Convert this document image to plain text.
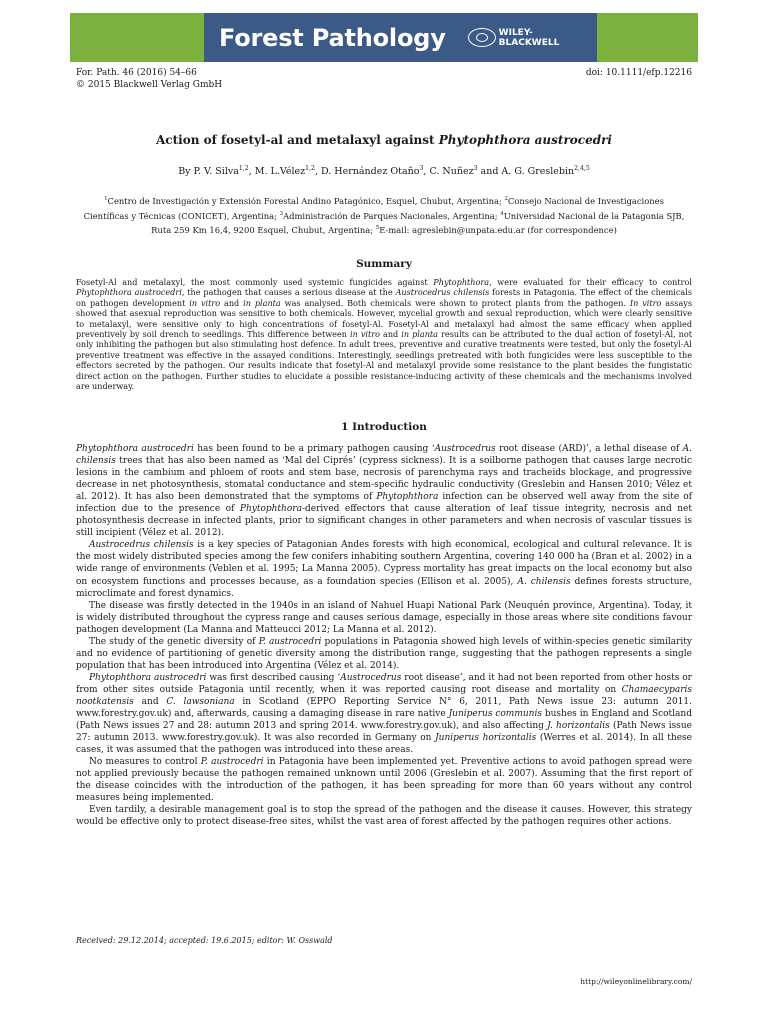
Forest Pathology	WILEY-
BLACKWELL
For. Path. 46 (2016) 54–66
© 2015 Blackwell Verlag GmbH
doi: 10.1111/efp.12216
Action of fosetyl-al and metalaxyl against Phytophthora austrocedri
By P. V. Silva$^{1,2}$, M. L.Vélez$^{1,2}$, D. Hernández Otaño$^3$, C. Nuñez$^3$ and A. G. Greslebin$^{2,4,5}$
$^1$Centro de Investigación y Extensión Forestal Andino Patagónico, Esquel, Chubut, Argentina; $^2$Consejo Nacional de Investigaciones
Científicas y Técnicas (CONICET), Argentina; $^3$Administración de Parques Nacionales, Argentina; $^4$Universidad Nacional de la Patagonia SJB,
Ruta 259 Km 16,4, 9200 Esquel, Chubut, Argentina; $^5$E-mail: agreslebin@unpata.edu.ar (for correspondence)
Summary
Fosetyl-Al and metalaxyl, the most commonly used systemic fungicides against Phytophthora, were evaluated for their efficacy to control Phytophthora austrocedri, the pathogen that causes a serious disease at the Austrocedrus chilensis forests in Patagonia. The effect of the chemicals on pathogen development in vitro and in planta was analysed. Both chemicals were shown to protect plants from the pathogen. In vitro assays showed that asexual reproduction was sensitive to both chemicals. However, mycelial growth and sexual reproduction, which were clearly sensitive to metalaxyl, were sensitive only to high concentrations of fosetyl-Al. Fosetyl-Al and metalaxyl had almost the same efficacy when applied preventively by soil drench to seedlings. This difference between in vitro and in planta results can be attributed to the dual action of fosetyl-Al, not only inhibiting the pathogen but also stimulating host defence. In adult trees, preventive and curative treatments were tested, but only the fosetyl-Al preventive treatment was effective in the assayed conditions. Interestingly, seedlings pretreated with both fungicides were less susceptible to the effectors secreted by the pathogen. Our results indicate that fosetyl-Al and metalaxyl provide some resistance to the plant besides the fungistatic direct action on the pathogen. Further studies to elucidate a possible resistance-inducing activity of these chemicals and the mechanisms involved are underway.
1 Introduction

Phytophthora austrocedri has been found to be a primary pathogen causing ‘Austrocedrus root disease (ARD)’, a lethal disease of A. chilensis trees that has also been named as ‘Mal del Ciprés’ (cypress sickness). It is a soilborne pathogen that causes large necrotic lesions in the cambium and phloem of roots and stem base, necrosis of parenchyma rays and tracheids blockage, and progressive decrease in net photosynthesis, stomatal conductance and stem-specific hydraulic conductivity (Greslebin and Hansen 2010; Vélez et al. 2012). It has also been demonstrated that the symptoms of Phytophthora infection can be observed well away from the site of infection due to the presence of Phytophthora-derived effectors that cause alteration of leaf tissue integrity, necrosis and net photosynthesis decrease in infected plants, prior to significant changes in other parameters and when necrosis of vascular tissues is still incipient (Vélez et al. 2012).

Austrocedrus chilensis is a key species of Patagonian Andes forests with high economical, ecological and cultural relevance. It is the most widely distributed species among the few conifers inhabiting southern Argentina, covering 140 000 ha (Bran et al. 2002) in a wide range of environments (Veblen et al. 1995; La Manna 2005). Cypress mortality has great impacts on the local economy but also on ecosystem functions and processes because, as a foundation species (Ellison et al. 2005), A. chilensis defines forests structure, microclimate and forest dynamics.

The disease was firstly detected in the 1940s in an island of Nahuel Huapi National Park (Neuquén province, Argentina). Today, it is widely distributed throughout the cypress range and causes serious damage, especially in those areas where site conditions favour pathogen development (La Manna and Matteucci 2012; La Manna et al. 2012).

The study of the genetic diversity of P. austrocedri populations in Patagonia showed high levels of within-species genetic similarity and no evidence of partitioning of genetic diversity among the distribution range, suggesting that the pathogen represents a single population that has been introduced into Argentina (Vélez et al. 2014).

Phytophthora austrocedri was first described causing ‘Austrocedrus root disease’, and it had not been reported from other hosts or from other sites outside Patagonia until recently, when it was reported causing root disease and mortality on Chamaecyparis nootkatensis and C. lawsoniana in Scotland (EPPO Reporting Service N° 6, 2011, Path News issue 23: autumn 2011. www.forestry.gov.uk) and, afterwards, causing a damaging disease in rare native Juniperus communis bushes in England and Scotland (Path News issues 27 and 28: autumn 2013 and spring 2014. www.forestry.gov.uk), and also affecting J. horizontalis (Path News issue 27: autumn 2013. www.forestry.gov.uk). It was also recorded in Germany on Juniperus horizontalis (Werres et al. 2014). In all these cases, it was assumed that the pathogen was introduced into these areas.

No measures to control P. austrocedri in Patagonia have been implemented yet. Preventive actions to avoid pathogen spread were not applied previously because the pathogen remained unknown until 2006 (Greslebin et al. 2007). Assuming that the first report of the disease coincides with the introduction of the pathogen, it has been spreading for more than 60 years without any control measures being implemented.

Even tardily, a desirable management goal is to stop the spread of the pathogen and the disease it causes. However, this strategy would be effective only to protect disease-free sites, whilst the vast area of forest affected by the pathogen requires other actions.

Received: 29.12.2014; accepted: 19.6.2015; editor: W. Osswald
http://wileyonlinelibrary.com/
